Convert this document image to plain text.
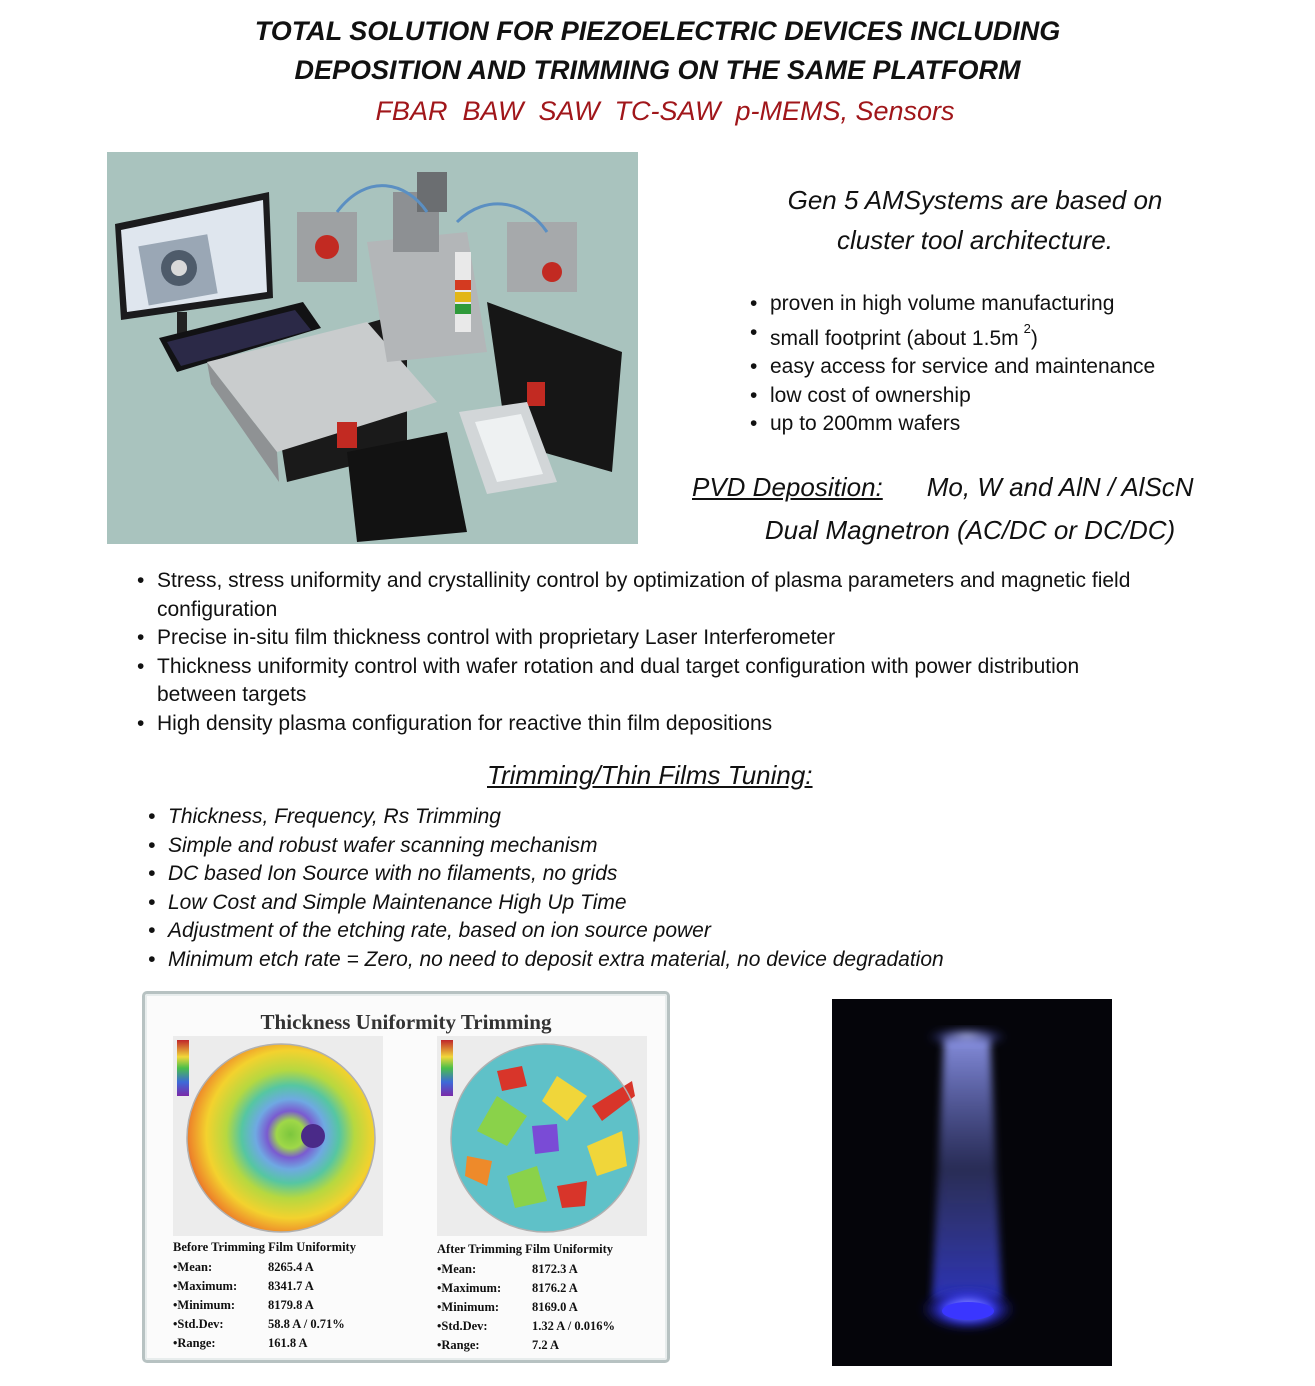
TOTAL SOLUTION FOR PIEZOELECTRIC DEVICES INCLUDING
DEPOSITION AND TRIMMING ON THE SAME PLATFORM
FBAR  BAW  SAW  TC-SAW  p-MEMS, Sensors
Gen 5 AMSystems are based on
cluster tool architecture.
• proven in high volume manufacturing
• small footprint (about 1.5m $^2$)
• easy access for service and maintenance
• low cost of ownership
• up to 200mm wafers
PVD Deposition: Mo, W and AlN / AlScN
Dual Magnetron (AC/DC or DC/DC)
• Stress, stress uniformity and crystallinity control by optimization of plasma parameters and magnetic field configuration
• Precise in-situ film thickness control with proprietary Laser Interferometer
• Thickness uniformity control with wafer rotation and dual target configuration with power distribution between targets
• High density plasma configuration for reactive thin film depositions
Trimming/Thin Films Tuning:
• Thickness, Frequency, Rs Trimming
• Simple and robust wafer scanning mechanism
• DC based Ion Source with no filaments, no grids
• Low Cost and Simple Maintenance High Up Time
• Adjustment of the etching rate, based on ion source power
• Minimum etch rate = Zero, no need to deposit extra material, no device degradation
Thickness Uniformity Trimming
Before Trimming Film Uniformity
• Mean:	8265.4 A
• Maximum:	8341.7 A
• Minimum:	8179.8 A
• Std.Dev:	58.8 A / 0.71%
• Range:	161.8 A
After Trimming Film Uniformity
• Mean:	8172.3 A
• Maximum:	8176.2 A
• Minimum:	8169.0 A
• Std.Dev:	1.32 A / 0.016%
• Range:	7.2 A
